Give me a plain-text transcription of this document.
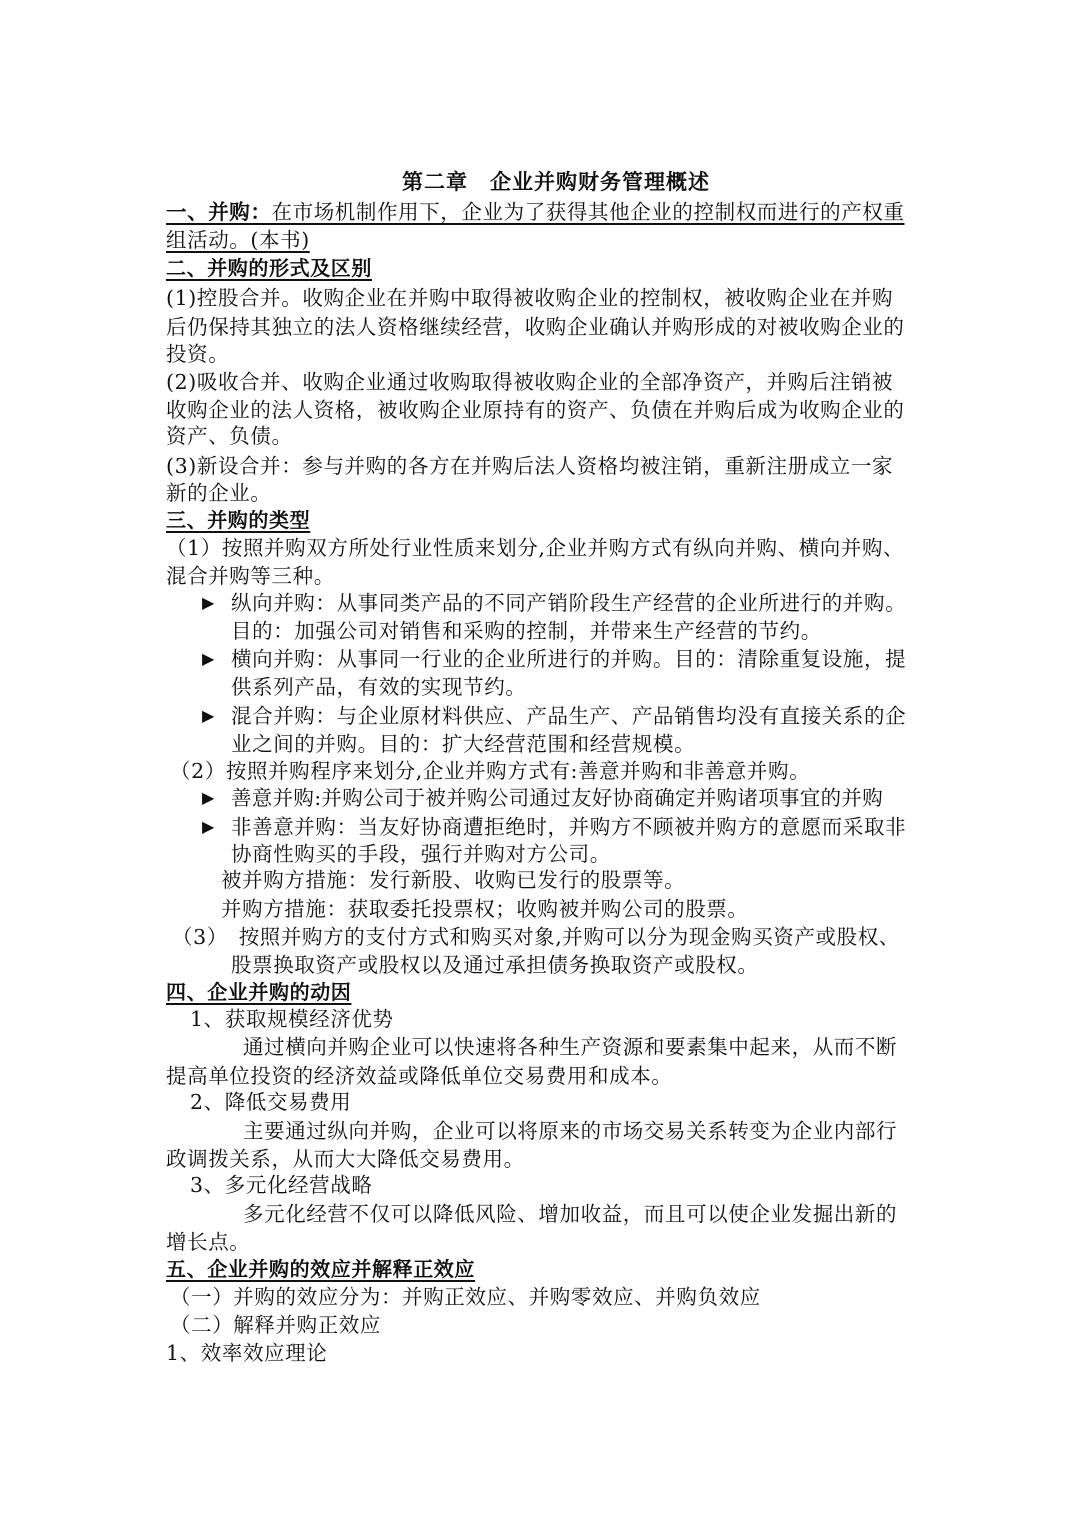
第二章　企业并购财务管理概述
一、并购：在市场机制作用下，企业为了获得其他企业的控制权而进行的产权重
组活动。(本书)
二、并购的形式及区别
(1)控股合并。收购企业在并购中取得被收购企业的控制权，被收购企业在并购
后仍保持其独立的法人资格继续经营，收购企业确认并购形成的对被收购企业的
投资。
(2)吸收合并、收购企业通过收购取得被收购企业的全部净资产，并购后注销被
收购企业的法人资格，被收购企业原持有的资产、负债在并购后成为收购企业的
资产、负债。
(3)新设合并：参与并购的各方在并购后法人资格均被注销，重新注册成立一家
新的企业。
三、并购的类型
（1）按照并购双方所处行业性质来划分,企业并购方式有纵向并购、横向并购、
混合并购等三种。
▶ 纵向并购：从事同类产品的不同产销阶段生产经营的企业所进行的并购。
目的：加强公司对销售和采购的控制，并带来生产经营的节约。
▶ 横向并购：从事同一行业的企业所进行的并购。目的：清除重复设施，提
供系列产品，有效的实现节约。
▶ 混合并购：与企业原材料供应、产品生产、产品销售均没有直接关系的企
业之间的并购。目的：扩大经营范围和经营规模。
（2）按照并购程序来划分,企业并购方式有:善意并购和非善意并购。
▶ 善意并购:并购公司于被并购公司通过友好协商确定并购诸项事宜的并购
▶ 非善意并购：当友好协商遭拒绝时，并购方不顾被并购方的意愿而采取非
协商性购买的手段，强行并购对方公司。
被并购方措施：发行新股、收购已发行的股票等。
并购方措施：获取委托投票权；收购被并购公司的股票。
（3）　按照并购方的支付方式和购买对象,并购可以分为现金购买资产或股权、
股票换取资产或股权以及通过承担债务换取资产或股权。
四、企业并购的动因
1、获取规模经济优势
通过横向并购企业可以快速将各种生产资源和要素集中起来，从而不断
提高单位投资的经济效益或降低单位交易费用和成本。
2、降低交易费用
主要通过纵向并购，企业可以将原来的市场交易关系转变为企业内部行
政调拨关系，从而大大降低交易费用。
3、多元化经营战略
多元化经营不仅可以降低风险、增加收益，而且可以使企业发掘出新的
增长点。
五、企业并购的效应并解释正效应
（一）并购的效应分为：并购正效应、并购零效应、并购负效应
（二）解释并购正效应
1、效率效应理论
